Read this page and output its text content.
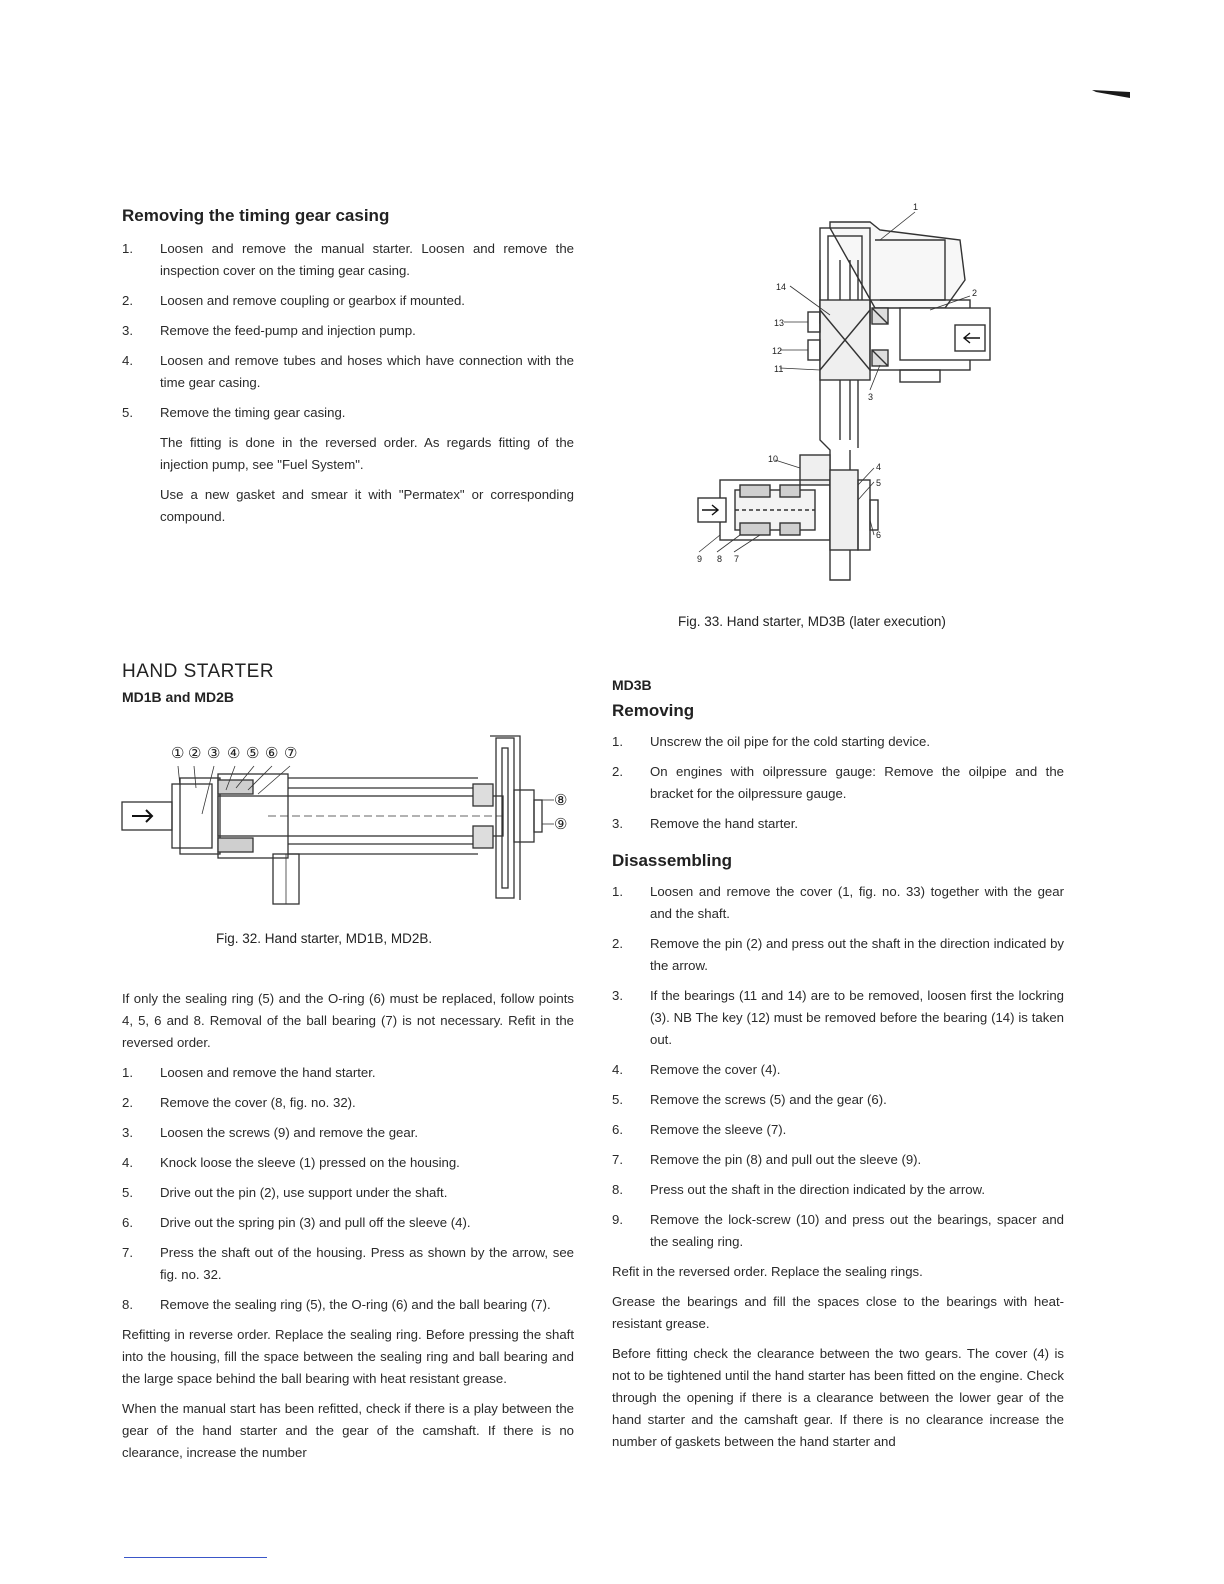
Removing the timing gear casing
1. Loosen and remove the manual starter. Loosen and remove the inspection cover on the timing gear casing.
2. Loosen and remove coupling or gearbox if mounted.
3. Remove the feed-pump and injection pump.
4. Loosen and remove tubes and hoses which have connection with the time gear casing.
5. Remove the timing gear casing.

The fitting is done in the reversed order. As regards fitting of the injection pump, see "Fuel System".

Use a new gasket and smear it with "Permatex" or corresponding compound.

1
2
3
4
5
6
7
8
9
10
11
12
13
14
Fig. 33. Hand starter, MD3B (later execution)
HAND STARTER
MD1B and MD2B
① ② ③ ④ ⑤ ⑥ ⑦
⑧
⑨
Fig. 32. Hand starter, MD1B, MD2B.

If only the sealing ring (5) and the O-ring (6) must be replaced, follow points 4, 5, 6 and 8. Removal of the ball bearing (7) is not necessary. Refit in the reversed order.

1. Loosen and remove the hand starter.
2. Remove the cover (8, fig. no. 32).
3. Loosen the screws (9) and remove the gear.
4. Knock loose the sleeve (1) pressed on the housing.
5. Drive out the pin (2), use support under the shaft.
6. Drive out the spring pin (3) and pull off the sleeve (4).
7. Press the shaft out of the housing. Press as shown by the arrow, see fig. no. 32.
8. Remove the sealing ring (5), the O-ring (6) and the ball bearing (7).

Refitting in reverse order. Replace the sealing ring. Before pressing the shaft into the housing, fill the space between the sealing ring and ball bearing and the large space behind the ball bearing with heat resistant grease.

When the manual start has been refitted, check if there is a play between the gear of the hand starter and the gear of the camshaft. If there is no clearance, increase the number

MD3B
Removing
1. Unscrew the oil pipe for the cold starting device.
2. On engines with oilpressure gauge: Remove the oilpipe and the bracket for the oilpressure gauge.
3. Remove the hand starter.
Disassembling
1. Loosen and remove the cover (1, fig. no. 33) together with the gear and the shaft.
2. Remove the pin (2) and press out the shaft in the direction indicated by the arrow.
3. If the bearings (11 and 14) are to be removed, loosen first the lockring (3). NB The key (12) must be removed before the bearing (14) is taken out.
4. Remove the cover (4).
5. Remove the screws (5) and the gear (6).
6. Remove the sleeve (7).
7. Remove the pin (8) and pull out the sleeve (9).
8. Press out the shaft in the direction indicated by the arrow.
9. Remove the lock-screw (10) and press out the bearings, spacer and the sealing ring.

Refit in the reversed order. Replace the sealing rings.

Grease the bearings and fill the spaces close to the bearings with heat-resistant grease.

Before fitting check the clearance between the two gears. The cover (4) is not to be tightened until the hand starter has been fitted on the engine. Check through the opening if there is a clearance between the lower gear of the hand starter and the camshaft gear. If there is no clearance increase the number of gaskets between the hand starter and
